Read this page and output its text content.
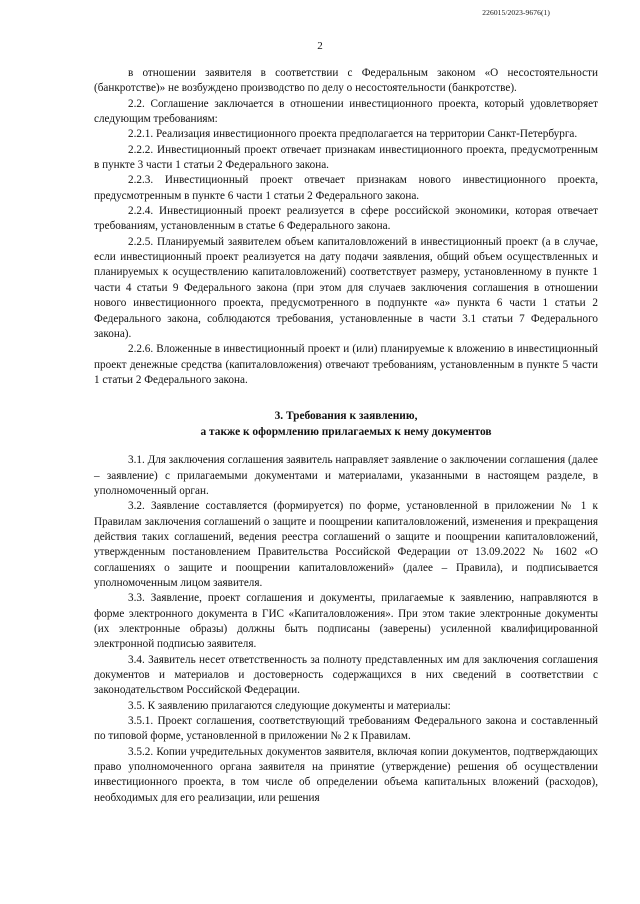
226015/2023-9676(1)
2

в отношении заявителя в соответствии с Федеральным законом «О несостоятельности (банкротстве)» не возбуждено производство по делу о несостоятельности (банкротстве).

2.2. Соглашение заключается в отношении инвестиционного проекта, который удовлетворяет следующим требованиям:

2.2.1. Реализация инвестиционного проекта предполагается на территории Санкт-Петербурга.

2.2.2. Инвестиционный проект отвечает признакам инвестиционного проекта, предусмотренным в пункте 3 части 1 статьи 2 Федерального закона.

2.2.3. Инвестиционный проект отвечает признакам нового инвестиционного проекта, предусмотренным в пункте 6 части 1 статьи 2 Федерального закона.

2.2.4. Инвестиционный проект реализуется в сфере российской экономики, которая отвечает требованиям, установленным в статье 6 Федерального закона.

2.2.5. Планируемый заявителем объем капиталовложений в инвестиционный проект (а в случае, если инвестиционный проект реализуется на дату подачи заявления, общий объем осуществленных и планируемых к осуществлению капиталовложений) соответствует размеру, установленному в пункте 1 части 4 статьи 9 Федерального закона (при этом для случаев заключения соглашения в отношении нового инвестиционного проекта, предусмотренного в подпункте «а» пункта 6 части 1 статьи 2 Федерального закона, соблюдаются требования, установленные в части 3.1 статьи 7 Федерального закона).

2.2.6. Вложенные в инвестиционный проект и (или) планируемые к вложению в инвестиционный проект денежные средства (капиталовложения) отвечают требованиям, установленным в пункте 5 части 1 статьи 2 Федерального закона.

3. Требования к заявлению,
а также к оформлению прилагаемых к нему документов

3.1. Для заключения соглашения заявитель направляет заявление о заключении соглашения (далее – заявление) с прилагаемыми документами и материалами, указанными в настоящем разделе, в уполномоченный орган.

3.2. Заявление составляется (формируется) по форме, установленной в приложении № 1 к Правилам заключения соглашений о защите и поощрении капиталовложений, изменения и прекращения действия таких соглашений, ведения реестра соглашений о защите и поощрении капиталовложений, утвержденным постановлением Правительства Российской Федерации от 13.09.2022 № 1602 «О соглашениях о защите и поощрении капиталовложений» (далее – Правила), и подписывается уполномоченным лицом заявителя.

3.3. Заявление, проект соглашения и документы, прилагаемые к заявлению, направляются в форме электронного документа в ГИС «Капиталовложения». При этом такие электронные документы (их электронные образы) должны быть подписаны (заверены) усиленной квалифицированной электронной подписью заявителя.

3.4. Заявитель несет ответственность за полноту представленных им для заключения соглашения документов и материалов и достоверность содержащихся в них сведений в соответствии с законодательством Российской Федерации.

3.5. К заявлению прилагаются следующие документы и материалы:

3.5.1. Проект соглашения, соответствующий требованиям Федерального закона и составленный по типовой форме, установленной в приложении № 2 к Правилам.

3.5.2. Копии учредительных документов заявителя, включая копии документов, подтверждающих право уполномоченного органа заявителя на принятие (утверждение) решения об осуществлении инвестиционного проекта, в том числе об определении объема капитальных вложений (расходов), необходимых для его реализации, или решения
